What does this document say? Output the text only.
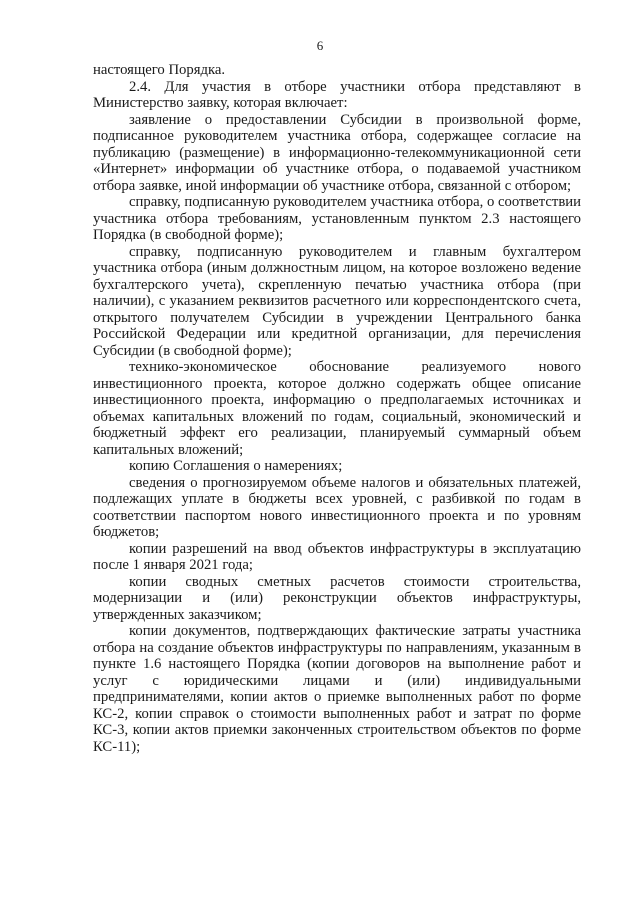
6

настоящего Порядка.

2.4. Для участия в отборе участники отбора представляют в Министерство заявку, которая включает:

заявление о предоставлении Субсидии в произвольной форме, подписанное руководителем участника отбора, содержащее согласие на публикацию (размещение) в информационно-телекоммуникационной сети «Интернет» информации об участнике отбора, о подаваемой участником отбора заявке, иной информации об участнике отбора, связанной с отбором;

справку, подписанную руководителем участника отбора, о соответствии участника отбора требованиям, установленным пунктом 2.3 настоящего Порядка (в свободной форме);

справку, подписанную руководителем и главным бухгалтером участника отбора (иным должностным лицом, на которое возложено ведение бухгалтерского учета), скрепленную печатью участника отбора (при наличии), с указанием реквизитов расчетного или корреспондентского счета, открытого получателем Субсидии в учреждении Центрального банка Российской Федерации или кредитной организации, для перечисления Субсидии (в свободной форме);

технико-экономическое обоснование реализуемого нового инвестиционного проекта, которое должно содержать общее описание инвестиционного проекта, информацию о предполагаемых источниках и объемах капитальных вложений по годам, социальный, экономический и бюджетный эффект его реализации, планируемый суммарный объем капитальных вложений;

копию Соглашения о намерениях;

сведения о прогнозируемом объеме налогов и обязательных платежей, подлежащих уплате в бюджеты всех уровней, с разбивкой по годам в соответствии паспортом нового инвестиционного проекта и по уровням бюджетов;

копии разрешений на ввод объектов инфраструктуры в эксплуатацию после 1 января 2021 года;

копии сводных сметных расчетов стоимости строительства, модернизации и (или) реконструкции объектов инфраструктуры, утвержденных заказчиком;

копии документов, подтверждающих фактические затраты участника отбора на создание объектов инфраструктуры по направлениям, указанным в пункте 1.6 настоящего Порядка (копии договоров на выполнение работ и услуг с юридическими лицами и (или) индивидуальными предпринимателями, копии актов о приемке выполненных работ по форме КС-2, копии справок о стоимости выполненных работ и затрат по форме КС-3, копии актов приемки законченных строительством объектов по форме КС-11);
